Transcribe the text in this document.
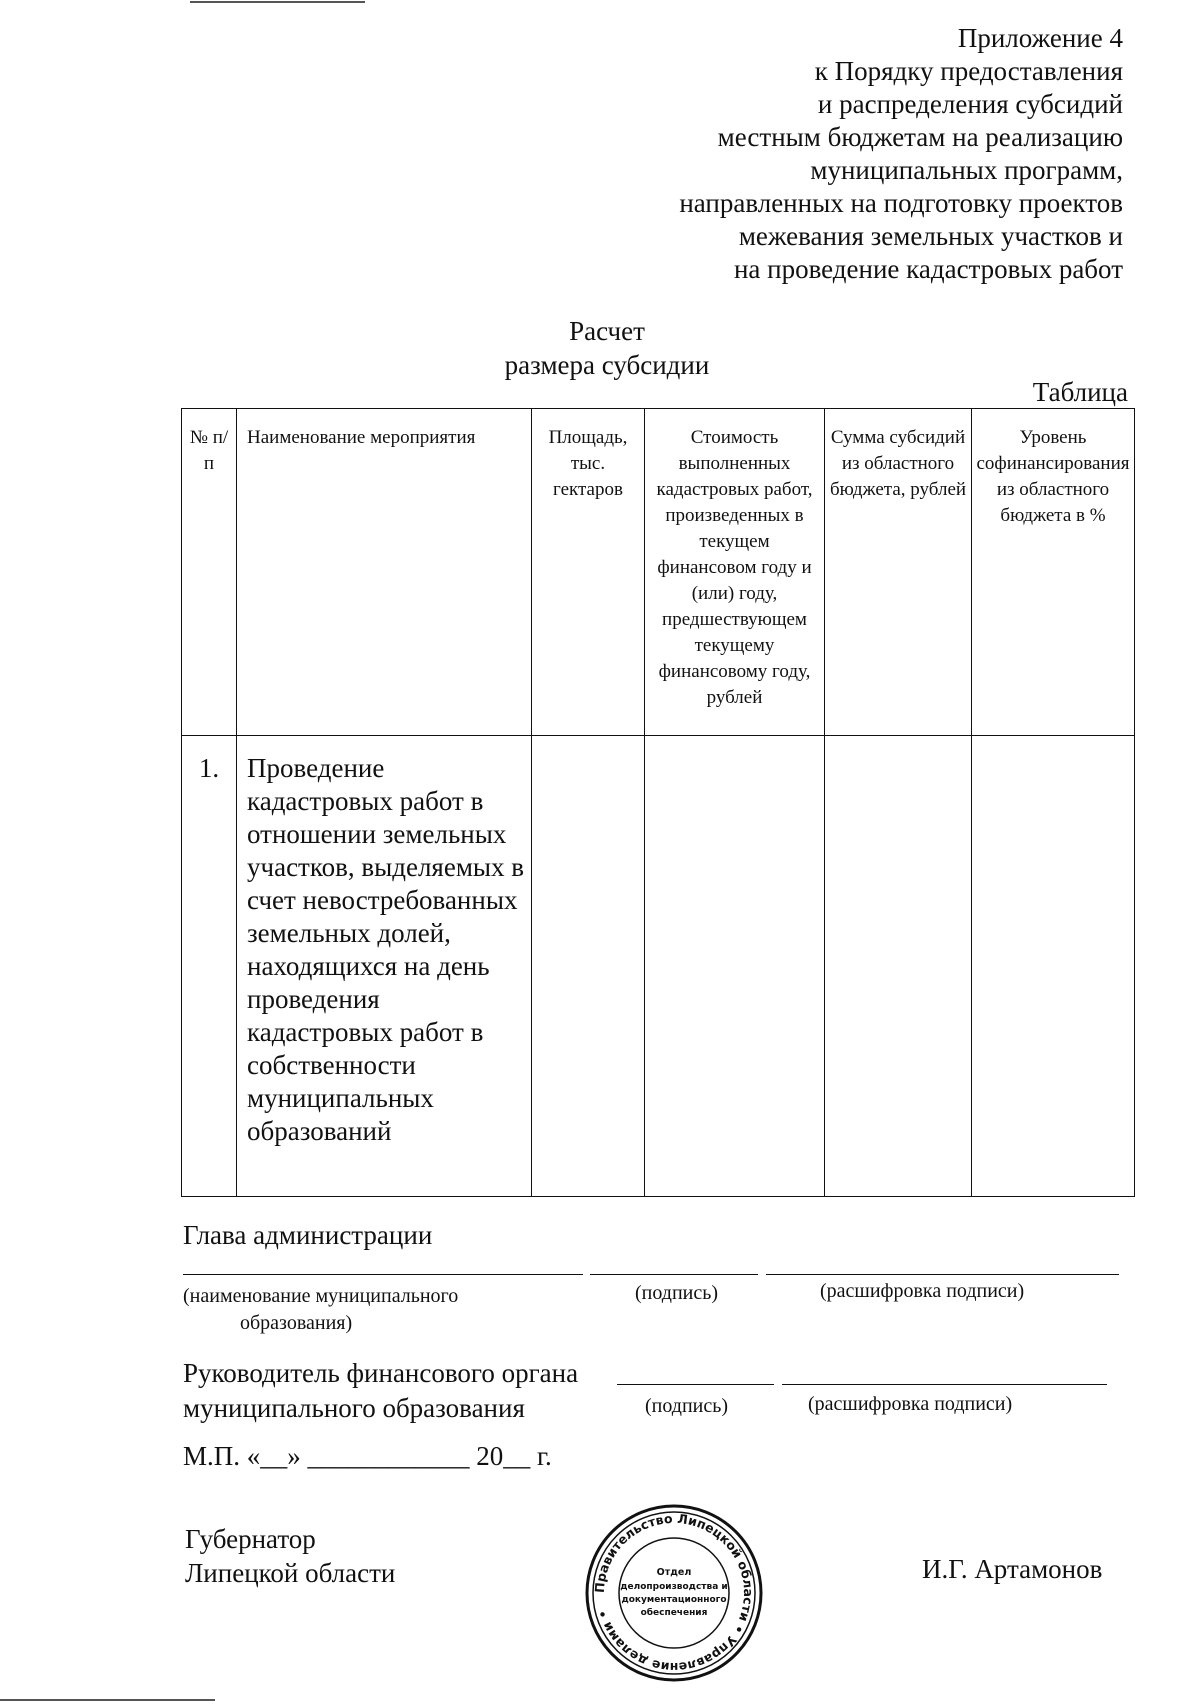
Приложение 4
к Порядку предоставления
и распределения субсидий
местным бюджетам на реализацию
муниципальных программ,
направленных на подготовку проектов
межевания земельных участков и
на проведение кадастровых работ
Расчет
размера субсидии
Таблица
№ п/п	Наименование мероприятия	Площадь, тыс. гектаров	Стоимость выполненных кадастровых работ, произведенных в текущем финансовом году и (или) году, предшествующем текущему финансовому году, рублей	Сумма субсидий из областного бюджета, рублей	Уровень софинансирования из областного бюджета в %
1.	Проведение кадастровых работ в отношении земельных участков, выделяемых в счет невостребованных земельных долей, находящихся на день проведения кадастровых работ в собственности муниципальных образований				
Глава администрации
(наименование муниципального
образования)
(подпись)	(расшифровка подписи)
Руководитель финансового органа
муниципального образования	(подпись)	(расшифровка подписи)
М.П. «__» ____________ 20__ г.
Губернатор
Липецкой области	И.Г. Артамонов
Правительство Липецкой области • Управление делами •
Отдел
делопроизводства и
документационного
обеспечения
